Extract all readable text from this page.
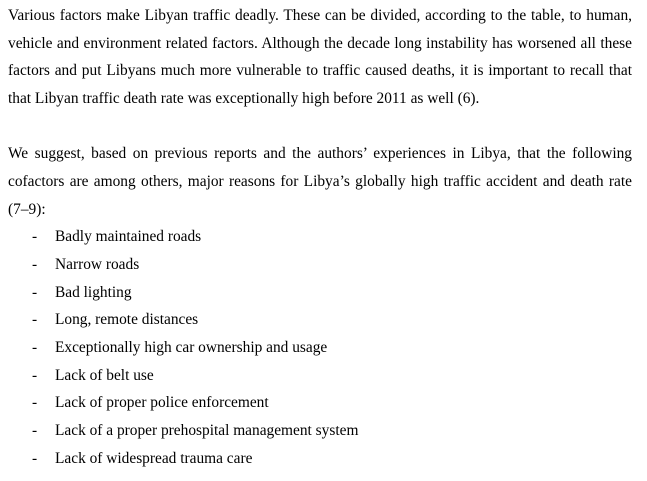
Various factors make Libyan traffic deadly. These can be divided, according to the table, to human, vehicle and environment related factors. Although the decade long instability has worsened all these factors and put Libyans much more vulnerable to traffic caused deaths, it is important to recall that that Libyan traffic death rate was exceptionally high before 2011 as well (6).

We suggest, based on previous reports and the authors’ experiences in Libya, that the following cofactors are among others, major reasons for Libya’s globally high traffic accident and death rate (7–9):

- Badly maintained roads
- Narrow roads
- Bad lighting
- Long, remote distances
- Exceptionally high car ownership and usage
- Lack of belt use
- Lack of proper police enforcement
- Lack of a proper prehospital management system
- Lack of widespread trauma care
